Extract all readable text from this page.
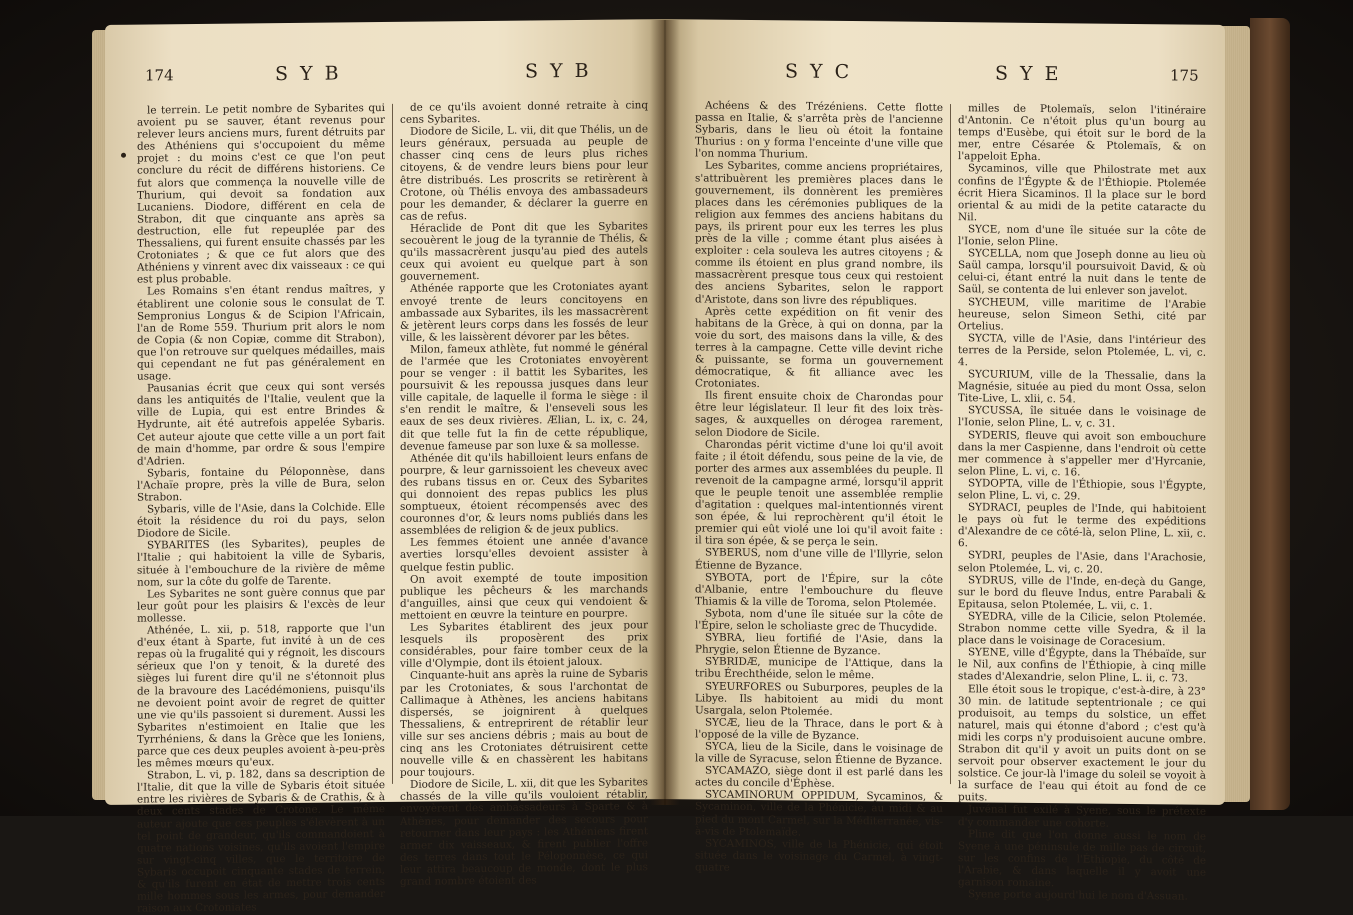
174	S Y B	S Y B

le terrein. Le petit nombre de Sybarites qui avoient pu se sauver, étant revenus pour relever leurs anciens murs, furent détruits par des Athéniens qui s'occupoient du même projet : du moins c'est ce que l'on peut conclure du récit de différens historiens. Ce fut alors que commença la nouvelle ville de Thurium, qui devoit sa fondation aux Lucaniens. Diodore, différent en cela de Strabon, dit que cinquante ans après sa destruction, elle fut repeuplée par des Thessaliens, qui furent ensuite chassés par les Crotoniates ; & que ce fut alors que des Athéniens y vinrent avec dix vaisseaux : ce qui est plus probable.

Les Romains s'en étant rendus maîtres, y établirent une colonie sous le consulat de T. Sempronius Longus & de Scipion l'Africain, l'an de Rome 559. Thurium prit alors le nom de Copia (& non Copiæ, comme dit Strabon), que l'on retrouve sur quelques médailles, mais qui cependant ne fut pas généralement en usage.

Pausanias écrit que ceux qui sont versés dans les antiquités de l'Italie, veulent que la ville de Lupia, qui est entre Brindes & Hydrunte, ait été autrefois appelée Sybaris. Cet auteur ajoute que cette ville a un port fait de main d'homme, par ordre & sous l'empire d'Adrien.

Sybaris, fontaine du Péloponnèse, dans l'Achaïe propre, près la ville de Bura, selon Strabon.

Sybaris, ville de l'Asie, dans la Colchide. Elle étoit la résidence du roi du pays, selon Diodore de Sicile.

SYBARITES (les Sybarites), peuples de l'Italie ; qui habitoient la ville de Sybaris, située à l'embouchure de la rivière de même nom, sur la côte du golfe de Tarente.

Les Sybarites ne sont guère connus que par leur goût pour les plaisirs & l'excès de leur mollesse.

Athénée, L. xii, p. 518, rapporte que l'un d'eux étant à Sparte, fut invité à un de ces repas où la frugalité qui y régnoit, les discours sérieux que l'on y tenoit, & la dureté des sièges lui furent dire qu'il ne s'étonnoit plus de la bravoure des Lacédémoniens, puisqu'ils ne devoient point avoir de regret de quitter une vie qu'ils passoient si durement. Aussi les Sybarites n'estimoient en Italie que les Tyrrhéniens, & dans la Grèce que les Ioniens, parce que ces deux peuples avoient à-peu-près les mêmes mœurs qu'eux.

Strabon, L. vi, p. 182, dans sa description de l'Italie, dit que la ville de Sybaris étoit située entre les rivières de Sybaris & de Crathis, & à deux cents stades de Crotone. Le même auteur ajoute que ces peuples s'élevèrent à un tel point de grandeur, qu'ils commandoient à quatre nations voisines, qu'ils avoient l'empire sur vingt-cinq villes, que le territoire de Sybaris occupoit cinquante stades de terrein, & qu'ils furent en état de mettre trois cents mille hommes sous les armes, pour demander raison aux Crotoniates

de ce qu'ils avoient donné retraite à cinq cens Sybarites.

Diodore de Sicile, L. vii, dit que Thélis, un de leurs généraux, persuada au peuple de chasser cinq cens de leurs plus riches citoyens, & de vendre leurs biens pour leur être distribués. Les proscrits se retirèrent à Crotone, où Thélis envoya des ambassadeurs pour les demander, & déclarer la guerre en cas de refus.

Héraclide de Pont dit que les Sybarites secouèrent le joug de la tyrannie de Thélis, & qu'ils massacrèrent jusqu'au pied des autels ceux qui avoient eu quelque part à son gouvernement.

Athénée rapporte que les Crotoniates ayant envoyé trente de leurs concitoyens en ambassade aux Sybarites, ils les massacrèrent & jetèrent leurs corps dans les fossés de leur ville, & les laissèrent dévorer par les bêtes.

Milon, fameux athlète, fut nommé le général de l'armée que les Crotoniates envoyèrent pour se venger : il battit les Sybarites, les poursuivit & les repoussa jusques dans leur ville capitale, de laquelle il forma le siège : il s'en rendit le maître, & l'enseveli sous les eaux de ses deux rivières. Ælian, L. ix, c. 24, dit que telle fut la fin de cette république, devenue fameuse par son luxe & sa mollesse.

Athénée dit qu'ils habilloient leurs enfans de pourpre, & leur garnissoient les cheveux avec des rubans tissus en or. Ceux des Sybarites qui donnoient des repas publics les plus somptueux, étoient récompensés avec des couronnes d'or, & leurs noms publiés dans les assemblées de religion & de jeux publics.

Les femmes étoient une année d'avance averties lorsqu'elles devoient assister à quelque festin public.

On avoit exempté de toute imposition publique les pêcheurs & les marchands d'anguilles, ainsi que ceux qui vendoient & mettoient en œuvre la teinture en pourpre.

Les Sybarites établirent des jeux pour lesquels ils proposèrent des prix considérables, pour faire tomber ceux de la ville d'Olympie, dont ils étoient jaloux.

Cinquante-huit ans après la ruine de Sybaris par les Crotoniates, & sous l'archontat de Callimaque à Athènes, les anciens habitans dispersés, se joignirent à quelques Thessaliens, & entreprirent de rétablir leur ville sur ses anciens débris ; mais au bout de cinq ans les Crotoniates détruisirent cette nouvelle ville & en chassèrent les habitans pour toujours.

Diodore de Sicile, L. xii, dit que les Sybarites chassés de la ville qu'ils vouloient rétablir, envoyèrent des ambassadeurs à Sparte & à Athènes, pour demander des secours pour retourner dans leur pays : les Athéniens firent armer dix vaisseaux, & firent publier l'offre des terres dans tout le Péloponnèse, ce qui leur attira beaucoup de monde, dont le plus grand nombre étoient des

S Y C	S Y E	175

Achéens & des Trézéniens. Cette flotte passa en Italie, & s'arrêta près de l'ancienne Sybaris, dans le lieu où étoit la fontaine Thurius : on y forma l'enceinte d'une ville que l'on nomma Thurium.

Les Sybarites, comme anciens propriétaires, s'attribuèrent les premières places dans le gouvernement, ils donnèrent les premières places dans les cérémonies publiques de la religion aux femmes des anciens habitans du pays, ils prirent pour eux les terres les plus près de la ville ; comme étant plus aisées à exploiter : cela souleva les autres citoyens ; & comme ils étoient en plus grand nombre, ils massacrèrent presque tous ceux qui restoient des anciens Sybarites, selon le rapport d'Aristote, dans son livre des républiques.

Après cette expédition on fit venir des habitans de la Grèce, à qui on donna, par la voie du sort, des maisons dans la ville, & des terres à la campagne. Cette ville devint riche & puissante, se forma un gouvernement démocratique, & fit alliance avec les Crotoniates.

Ils firent ensuite choix de Charondas pour être leur législateur. Il leur fit des loix très-sages, & auxquelles on dérogea rarement, selon Diodore de Sicile.

Charondas périt victime d'une loi qu'il avoit faite ; il étoit défendu, sous peine de la vie, de porter des armes aux assemblées du peuple. Il revenoit de la campagne armé, lorsqu'il apprit que le peuple tenoit une assemblée remplie d'agitation : quelques mal-intentionnés virent son épée, & lui reprochèrent qu'il étoit le premier qui eût violé une loi qu'il avoit faite : il tira son épée, & se perça le sein.

SYBERUS, nom d'une ville de l'Illyrie, selon Étienne de Byzance.

SYBOTA, port de l'Épire, sur la côte d'Albanie, entre l'embouchure du fleuve Thiamis & la ville de Toroma, selon Ptolemée.

Sybota, nom d'une île située sur la côte de l'Épire, selon le scholiaste grec de Thucydide.

SYBRA, lieu fortifié de l'Asie, dans la Phrygie, selon Étienne de Byzance.

SYBRIDÆ, municipe de l'Attique, dans la tribu Érechthéide, selon le même.

SYEURFORES ou Suburpores, peuples de la Libye. Ils habitoient au midi du mont Usargala, selon Ptolemée.

SYCÆ, lieu de la Thrace, dans le port & à l'opposé de la ville de Byzance.

SYCA, lieu de la Sicile, dans le voisinage de la ville de Syracuse, selon Étienne de Byzance.

SYCAMAZO, siège dont il est parlé dans les actes du concile d'Éphèse.

SYCAMINORUM OPPIDUM, Sycaminos, & Sycaminon, ville de la Phénicie, au midi & au pied du mont Carmel, sur la Méditerranée, vis-à-vis de Ptolemaïde.

SYCAMINOS, ville de la Phénicie, qui étoit située dans le voisinage du Carmel, à vingt-quatre

milles de Ptolemaïs, selon l'itinéraire d'Antonin. Ce n'étoit plus qu'un bourg au temps d'Eusèbe, qui étoit sur le bord de la mer, entre Césarée & Ptolemaïs, & on l'appeloit Epha.

Sycaminos, ville que Philostrate met aux confins de l'Égypte & de l'Éthiopie. Ptolemée écrit Hiera Sicaminos. Il la place sur le bord oriental & au midi de la petite cataracte du Nil.

SYCE, nom d'une île située sur la côte de l'Ionie, selon Pline.

SYCELLA, nom que Joseph donne au lieu où Saül campa, lorsqu'il poursuivoit David, & où celui-ci, étant entré la nuit dans le tente de Saül, se contenta de lui enlever son javelot.

SYCHEUM, ville maritime de l'Arabie heureuse, selon Simeon Sethi, cité par Ortelius.

SYCTA, ville de l'Asie, dans l'intérieur des terres de la Perside, selon Ptolemée, L. vi, c. 4.

SYCURIUM, ville de la Thessalie, dans la Magnésie, située au pied du mont Ossa, selon Tite-Live, L. xlii, c. 54.

SYCUSSA, île située dans le voisinage de l'Ionie, selon Pline, L. v, c. 31.

SYDERIS, fleuve qui avoit son embouchure dans la mer Caspienne, dans l'endroit où cette mer commence à s'appeller mer d'Hyrcanie, selon Pline, L. vi, c. 16.

SYDOPTA, ville de l'Éthiopie, sous l'Égypte, selon Pline, L. vi, c. 29.

SYDRACI, peuples de l'Inde, qui habitoient le pays où fut le terme des expéditions d'Alexandre de ce côté-là, selon Pline, L. xii, c. 6.

SYDRI, peuples de l'Asie, dans l'Arachosie, selon Ptolemée, L. vi, c. 20.

SYDRUS, ville de l'Inde, en-deçà du Gange, sur le bord du fleuve Indus, entre Parabali & Epitausa, selon Ptolemée, L. vii, c. 1.

SYEDRA, ville de la Cilicie, selon Ptolemée. Strabon nomme cette ville Syedra, & il la place dans le voisinage de Coracesium.

SYENE, ville d'Égypte, dans la Thébaïde, sur le Nil, aux confins de l'Éthiopie, à cinq mille stades d'Alexandrie, selon Pline, L. ii, c. 73.

Elle étoit sous le tropique, c'est-à-dire, à 23° 30 min. de latitude septentrionale ; ce qui produisoit, au temps du solstice, un effet naturel, mais qui étonne d'abord ; c'est qu'à midi les corps n'y produisoient aucune ombre. Strabon dit qu'il y avoit un puits dont on se servoit pour observer exactement le jour du solstice. Ce jour-là l'image du soleil se voyoit à la surface de l'eau qui étoit au fond de ce puits.

Juvénal fut exilé à Syene, sous le prétexte d'y commander une cohorte.

Pline dit que l'on donne aussi le nom de Syene à une péninsule de mille pas de circuit, sur les confins de l'Éthiopie, du côté de l'Arabie, & dans laquelle il y avoit une garnison romaine.

Syene porte aujourd'hui le nom d'Assuan.
